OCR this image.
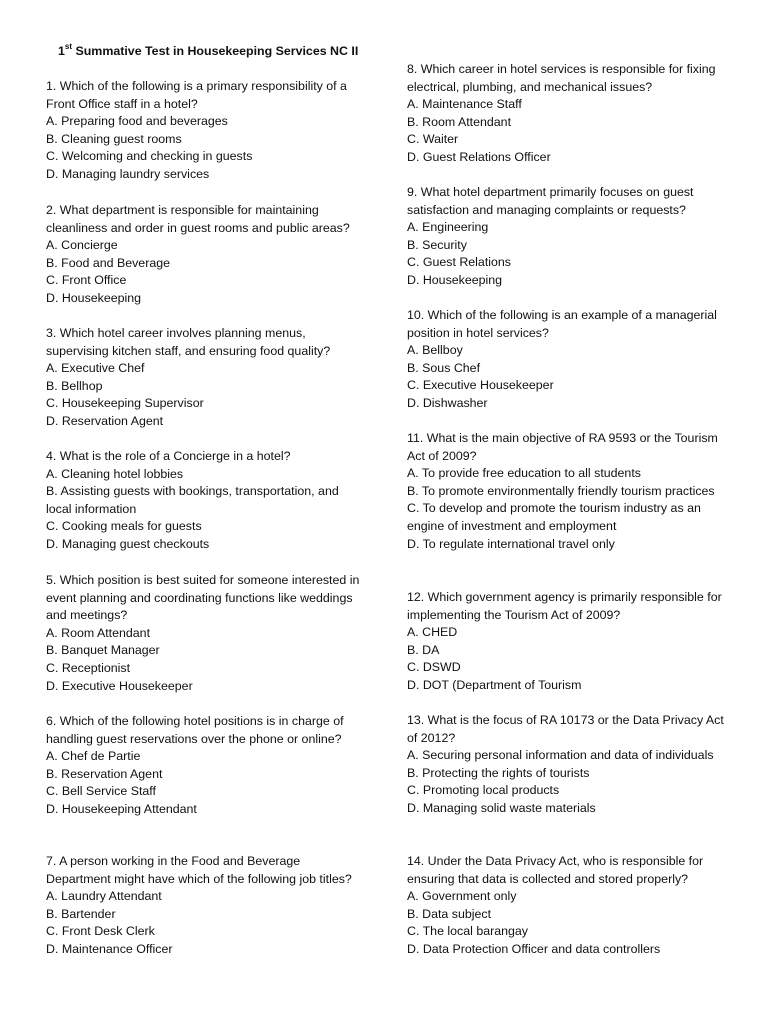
1st Summative Test in Housekeeping Services NC II

1. Which of the following is a primary responsibility of a Front Office staff in a hotel?

A. Preparing food and beverages

B. Cleaning guest rooms

C. Welcoming and checking in guests

D. Managing laundry services

2. What department is responsible for maintaining cleanliness and order in guest rooms and public areas?

A. Concierge

B. Food and Beverage

C. Front Office

D. Housekeeping

3. Which hotel career involves planning menus, supervising kitchen staff, and ensuring food quality?

A. Executive Chef

B. Bellhop

C. Housekeeping Supervisor

D. Reservation Agent

4. What is the role of a Concierge in a hotel?

A. Cleaning hotel lobbies

B. Assisting guests with bookings, transportation, and local information

C. Cooking meals for guests

D. Managing guest checkouts

5. Which position is best suited for someone interested in event planning and coordinating functions like weddings and meetings?

A. Room Attendant

B. Banquet Manager

C. Receptionist

D. Executive Housekeeper

6. Which of the following hotel positions is in charge of handling guest reservations over the phone or online?

A. Chef de Partie

B. Reservation Agent

C. Bell Service Staff

D. Housekeeping Attendant

7. A person working in the Food and Beverage Department might have which of the following job titles?

A. Laundry Attendant

B. Bartender

C. Front Desk Clerk

D. Maintenance Officer

8. Which career in hotel services is responsible for fixing electrical, plumbing, and mechanical issues?

A. Maintenance Staff

B. Room Attendant

C. Waiter

D. Guest Relations Officer

9. What hotel department primarily focuses on guest satisfaction and managing complaints or requests?

A. Engineering

B. Security

C. Guest Relations

D. Housekeeping

10. Which of the following is an example of a managerial position in hotel services?

A. Bellboy

B. Sous Chef

C. Executive Housekeeper

D. Dishwasher

11. What is the main objective of RA 9593 or the Tourism Act of 2009?

A. To provide free education to all students

B. To promote environmentally friendly tourism practices

C. To develop and promote the tourism industry as an engine of investment and employment

D. To regulate international travel only

12. Which government agency is primarily responsible for implementing the Tourism Act of 2009?

A. CHED

B. DA

C. DSWD

D. DOT (Department of Tourism

13. What is the focus of RA 10173 or the Data Privacy Act of 2012?

A. Securing personal information and data of individuals

B. Protecting the rights of tourists

C. Promoting local products

D. Managing solid waste materials

14. Under the Data Privacy Act, who is responsible for ensuring that data is collected and stored properly?

A. Government only

B. Data subject

C. The local barangay

D. Data Protection Officer and data controllers
